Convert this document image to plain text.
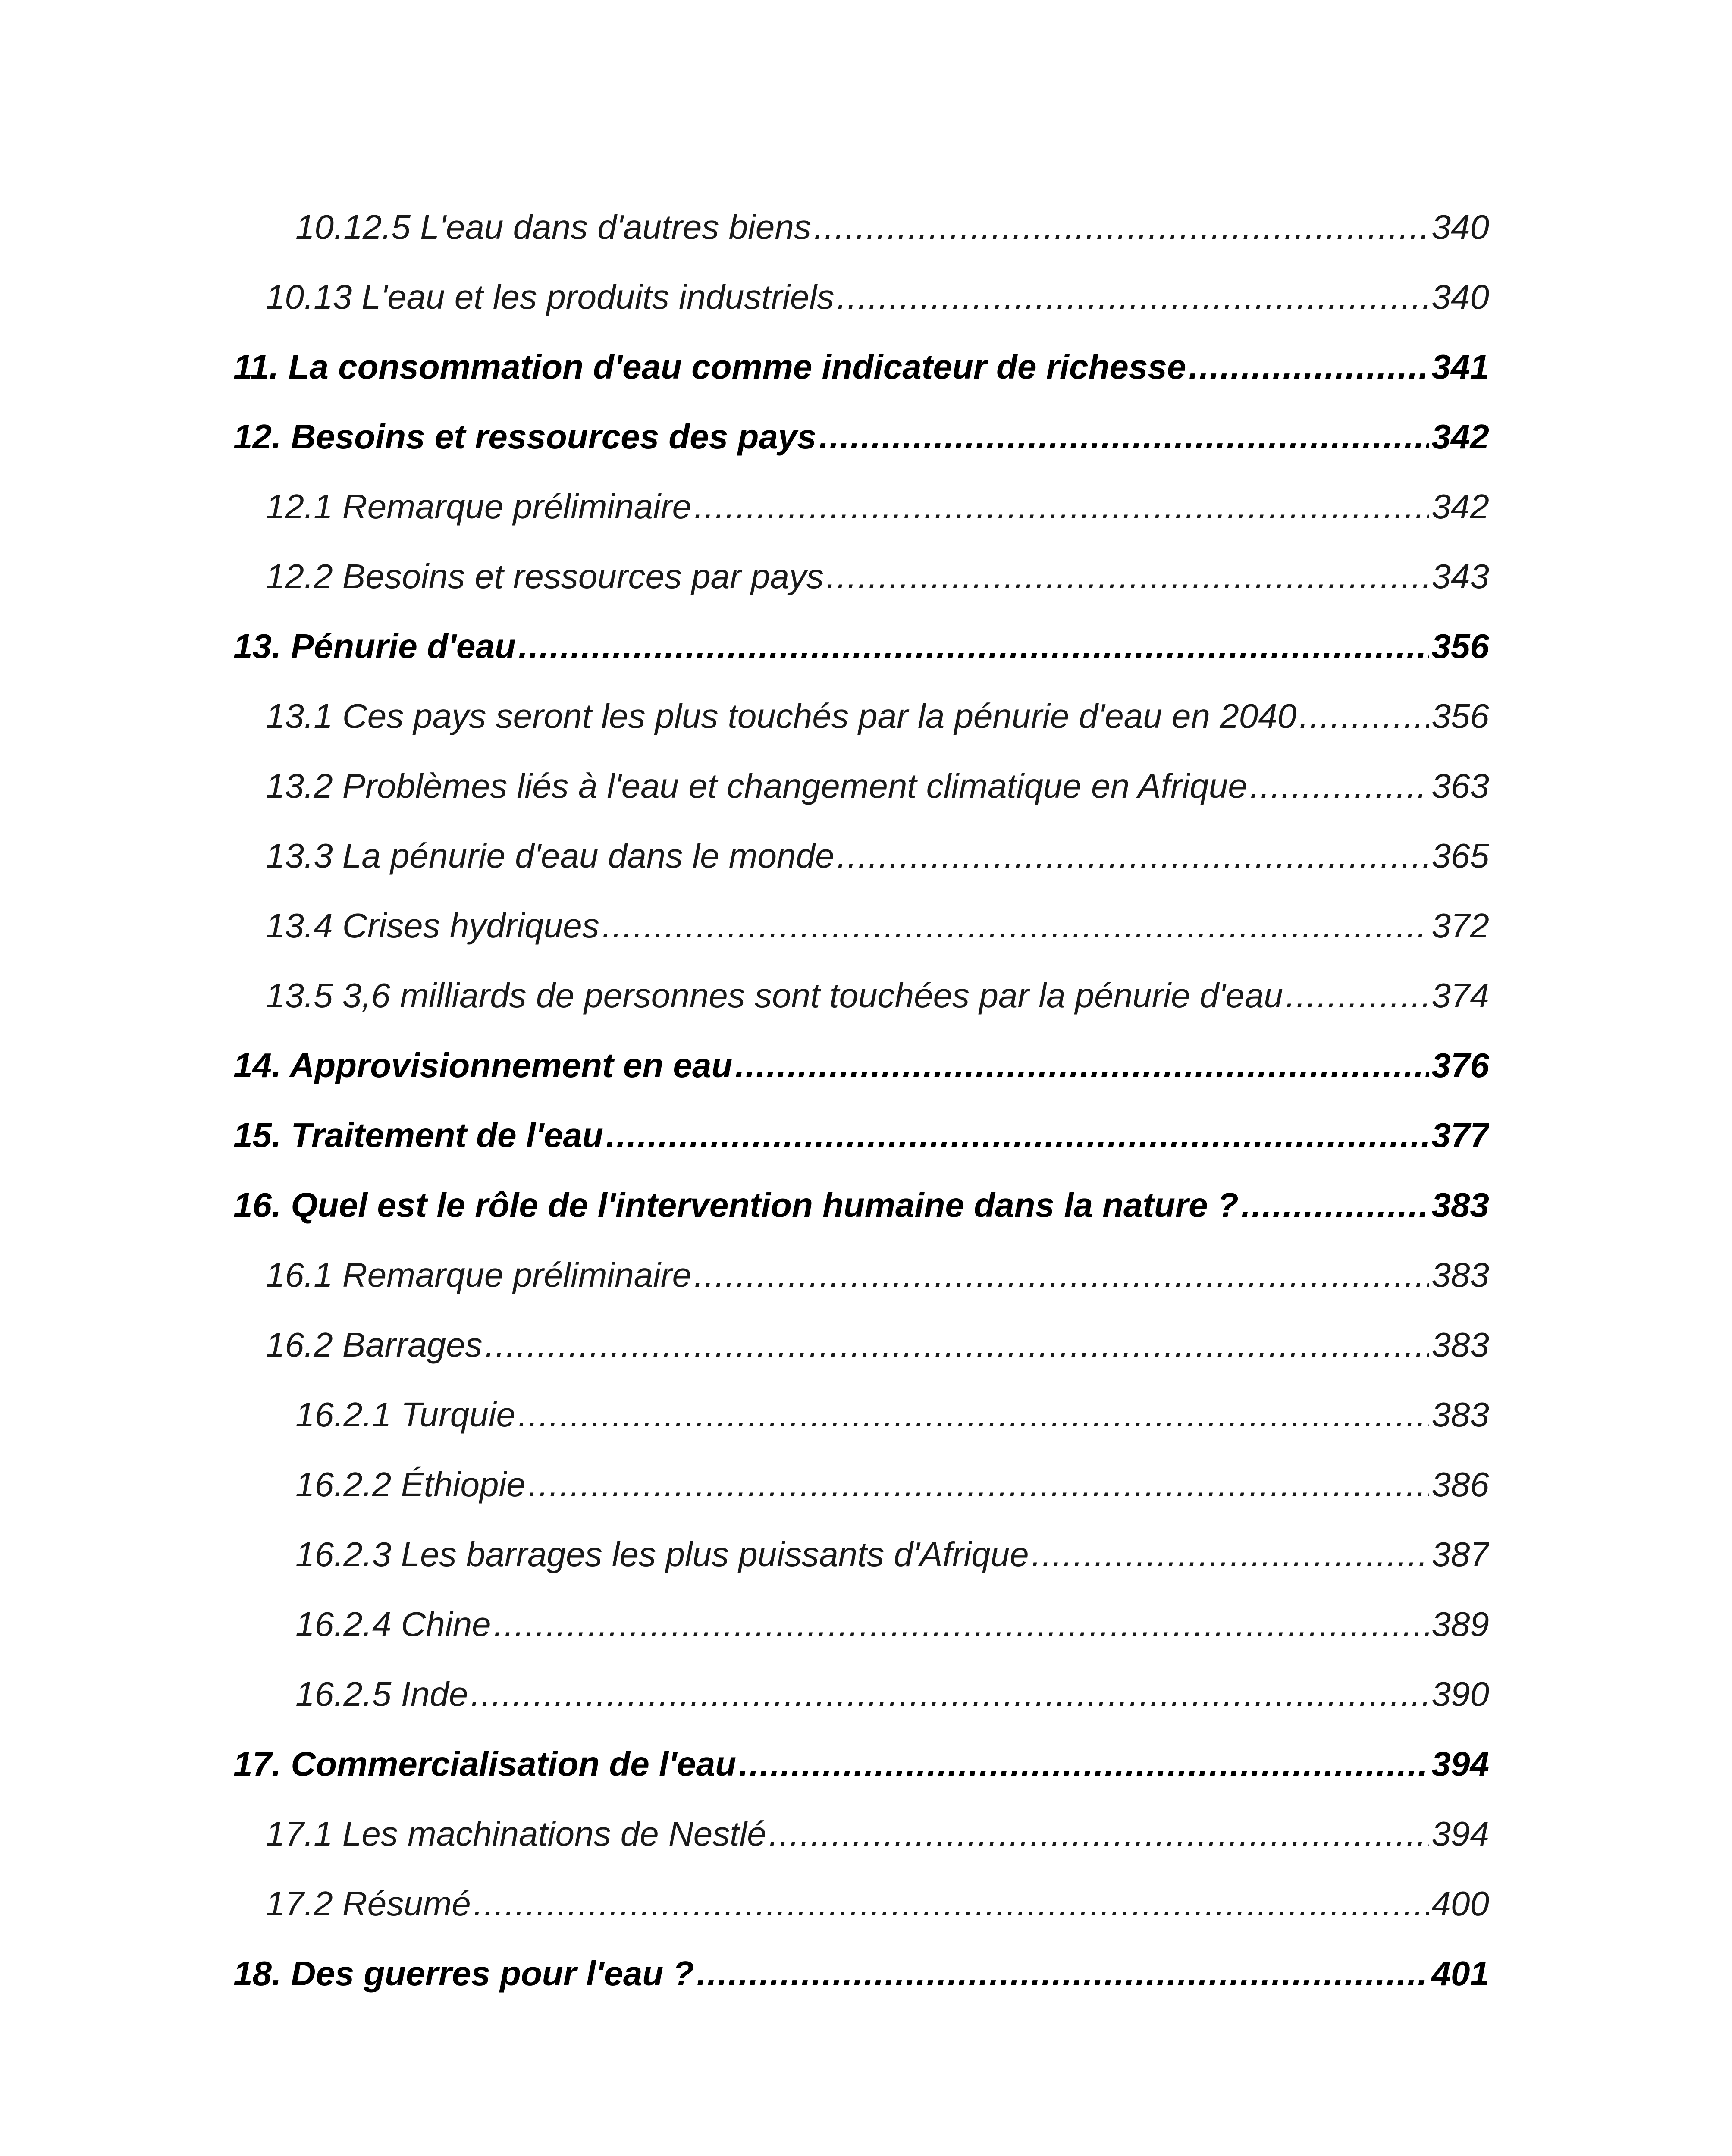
10.12.5 L'eau dans d'autres biens .....	340
10.13 L'eau et les produits industriels .....	340
11. La consommation d'eau comme indicateur de richesse .....	341
12. Besoins et ressources des pays .....	342
12.1 Remarque préliminaire .....	342
12.2 Besoins et ressources par pays .....	343
13. Pénurie d'eau .....	356
13.1 Ces pays seront les plus touchés par la pénurie d'eau en 2040 .....	356
13.2 Problèmes liés à l'eau et changement climatique en Afrique .....	363
13.3 La pénurie d'eau dans le monde .....	365
13.4 Crises hydriques .....	372
13.5 3,6 milliards de personnes sont touchées par la pénurie d'eau .....	374
14. Approvisionnement en eau .....	376
15. Traitement de l'eau .....	377
16. Quel est le rôle de l'intervention humaine dans la nature ? .....	383
16.1 Remarque préliminaire .....	383
16.2 Barrages .....	383
16.2.1 Turquie .....	383
16.2.2 Éthiopie .....	386
16.2.3 Les barrages les plus puissants d'Afrique .....	387
16.2.4 Chine .....	389
16.2.5 Inde .....	390
17. Commercialisation de l'eau .....	394
17.1 Les machinations de Nestlé .....	394
17.2 Résumé .....	400
18. Des guerres pour l'eau ? .....	401
